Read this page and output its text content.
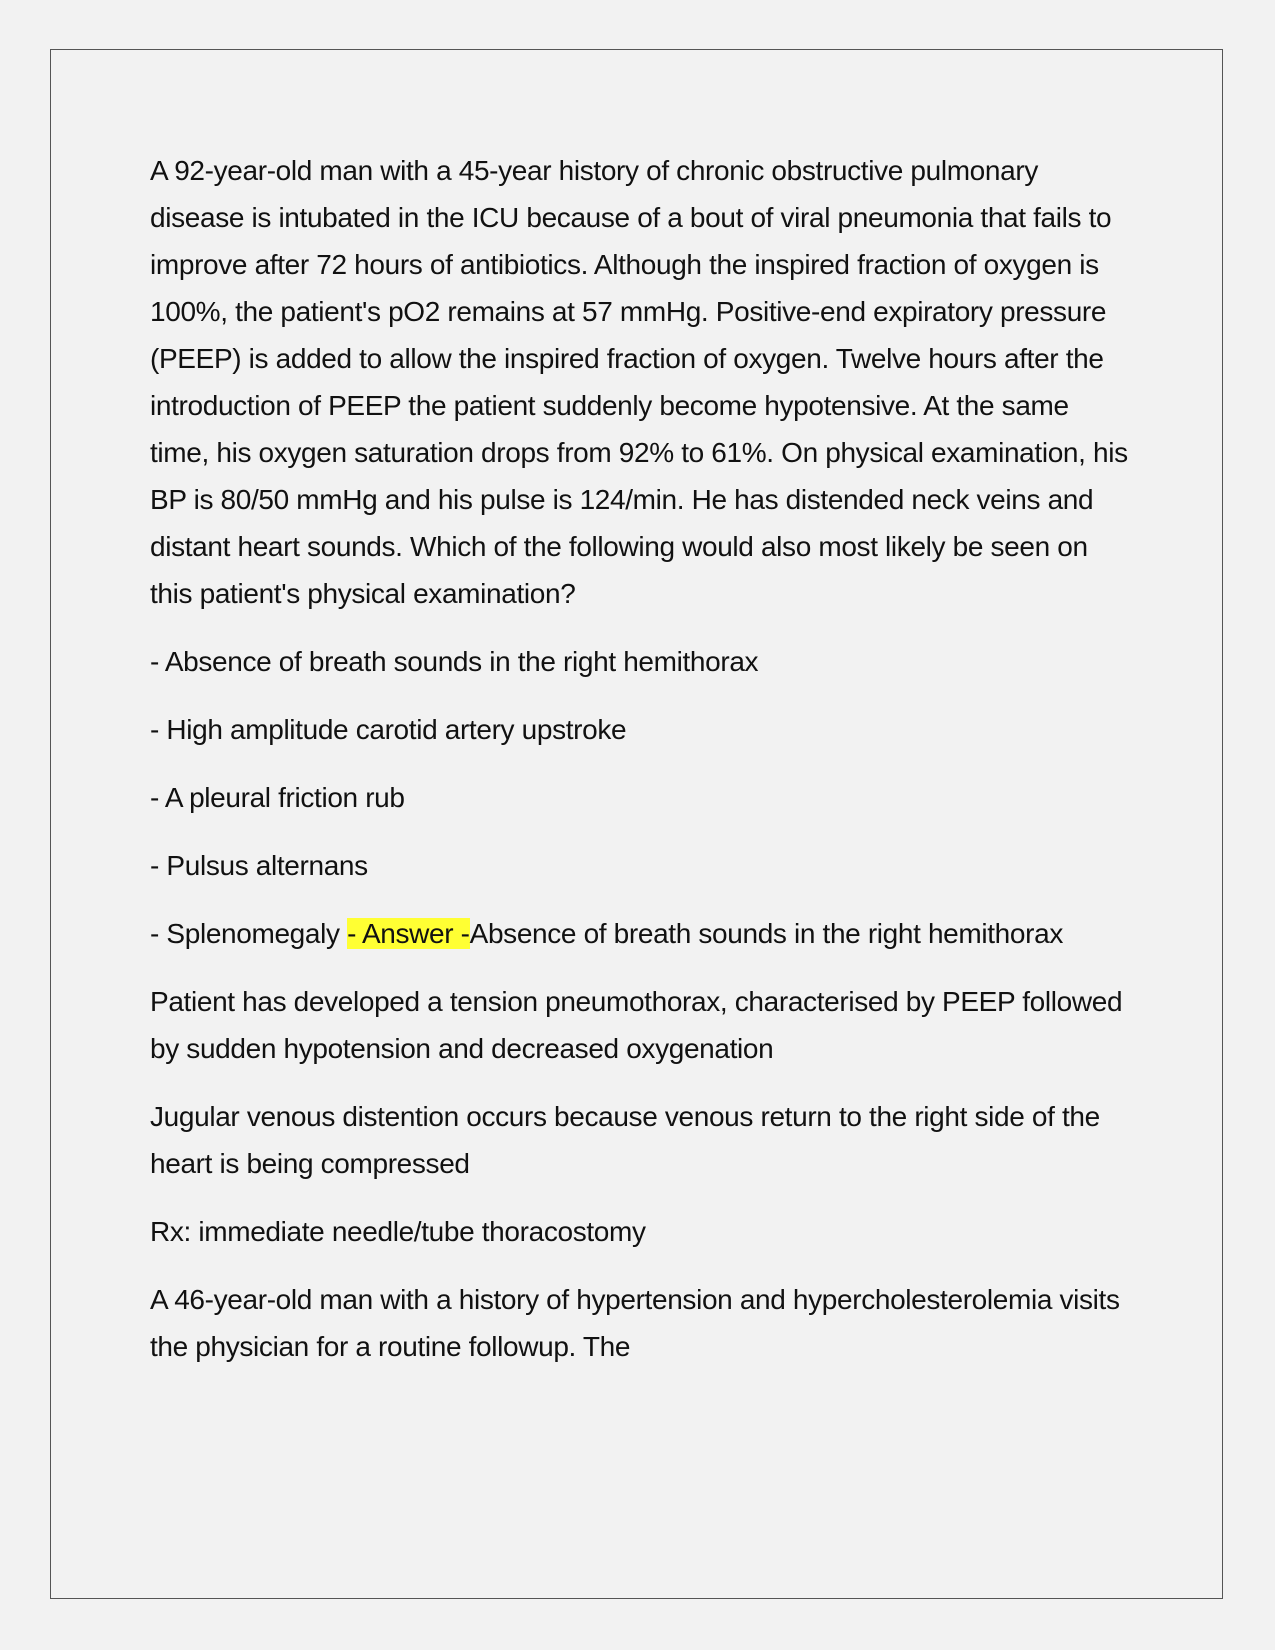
A 92-year-old man with a 45-year history of chronic obstructive pulmonary disease is intubated in the ICU because of a bout of viral pneumonia that fails to improve after 72 hours of antibiotics. Although the inspired fraction of oxygen is 100%, the patient's pO2 remains at 57 mmHg. Positive-end expiratory pressure (PEEP) is added to allow the inspired fraction of oxygen. Twelve hours after the introduction of PEEP the patient suddenly become hypotensive. At the same time, his oxygen saturation drops from 92% to 61%. On physical examination, his BP is 80/50 mmHg and his pulse is 124/min. He has distended neck veins and distant heart sounds. Which of the following would also most likely be seen on this patient's physical examination?

- Absence of breath sounds in the right hemithorax

- High amplitude carotid artery upstroke

- A pleural friction rub

- Pulsus alternans

- Splenomegaly - Answer -Absence of breath sounds in the right hemithorax

Patient has developed a tension pneumothorax, characterised by PEEP followed by sudden hypotension and decreased oxygenation

Jugular venous distention occurs because venous return to the right side of the heart is being compressed

Rx: immediate needle/tube thoracostomy

A 46-year-old man with a history of hypertension and hypercholesterolemia visits the physician for a routine followup. The
